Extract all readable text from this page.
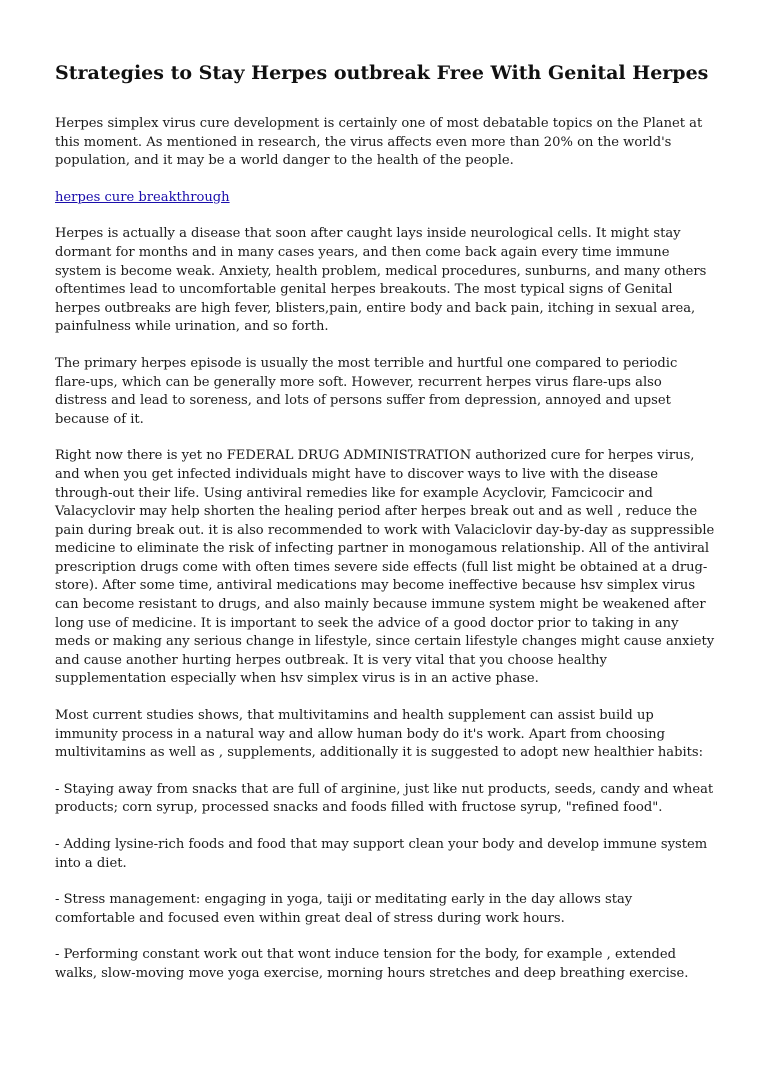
Strategies to Stay Herpes outbreak Free With Genital Herpes

Herpes simplex virus cure development is certainly one of most debatable topics on the Planet at this moment. As mentioned in research, the virus affects even more than 20% on the world's population, and it may be a world danger to the health of the people.

herpes cure breakthrough

Herpes is actually a disease that soon after caught lays inside neurological cells. It might stay dormant for months and in many cases years, and then come back again every time immune system is become weak. Anxiety, health problem, medical procedures, sunburns, and many others oftentimes lead to uncomfortable genital herpes breakouts. The most typical signs of Genital herpes outbreaks are high fever, blisters,pain, entire body and back pain, itching in sexual area, painfulness while urination, and so forth.

The primary herpes episode is usually the most terrible and hurtful one compared to periodic flare-ups, which can be generally more soft. However, recurrent herpes virus flare-ups also distress and lead to soreness, and lots of persons suffer from depression, annoyed and upset because of it.

Right now there is yet no FEDERAL DRUG ADMINISTRATION authorized cure for herpes virus, and when you get infected individuals might have to discover ways to live with the disease through-out their life. Using antiviral remedies like for example Acyclovir, Famcicocir and Valacyclovir may help shorten the healing period after herpes break out and as well , reduce the pain during break out. it is also recommended to work with Valaciclovir day-by-day as suppressible medicine to eliminate the risk of infecting partner in monogamous relationship. All of the antiviral prescription drugs come with often times severe side effects (full list might be obtained at a drug-store). After some time, antiviral medications may become ineffective because hsv simplex virus can become resistant to drugs, and also mainly because immune system might be weakened after long use of medicine. It is important to seek the advice of a good doctor prior to taking in any meds or making any serious change in lifestyle, since certain lifestyle changes might cause anxiety and cause another hurting herpes outbreak. It is very vital that you choose healthy supplementation especially when hsv simplex virus is in an active phase.

Most current studies shows, that multivitamins and health supplement can assist build up immunity process in a natural way and allow human body do it's work. Apart from choosing multivitamins as well as , supplements, additionally it is suggested to adopt new healthier habits:

- Staying away from snacks that are full of arginine, just like nut products, seeds, candy and wheat products; corn syrup, processed snacks and foods filled with fructose syrup, "refined food".

- Adding lysine-rich foods and food that may support clean your body and develop immune system into a diet.

- Stress management: engaging in yoga, taiji or meditating early in the day allows stay comfortable and focused even within great deal of stress during work hours.

- Performing constant work out that wont induce tension for the body, for example , extended walks, slow-moving move yoga exercise, morning hours stretches and deep breathing exercise.
